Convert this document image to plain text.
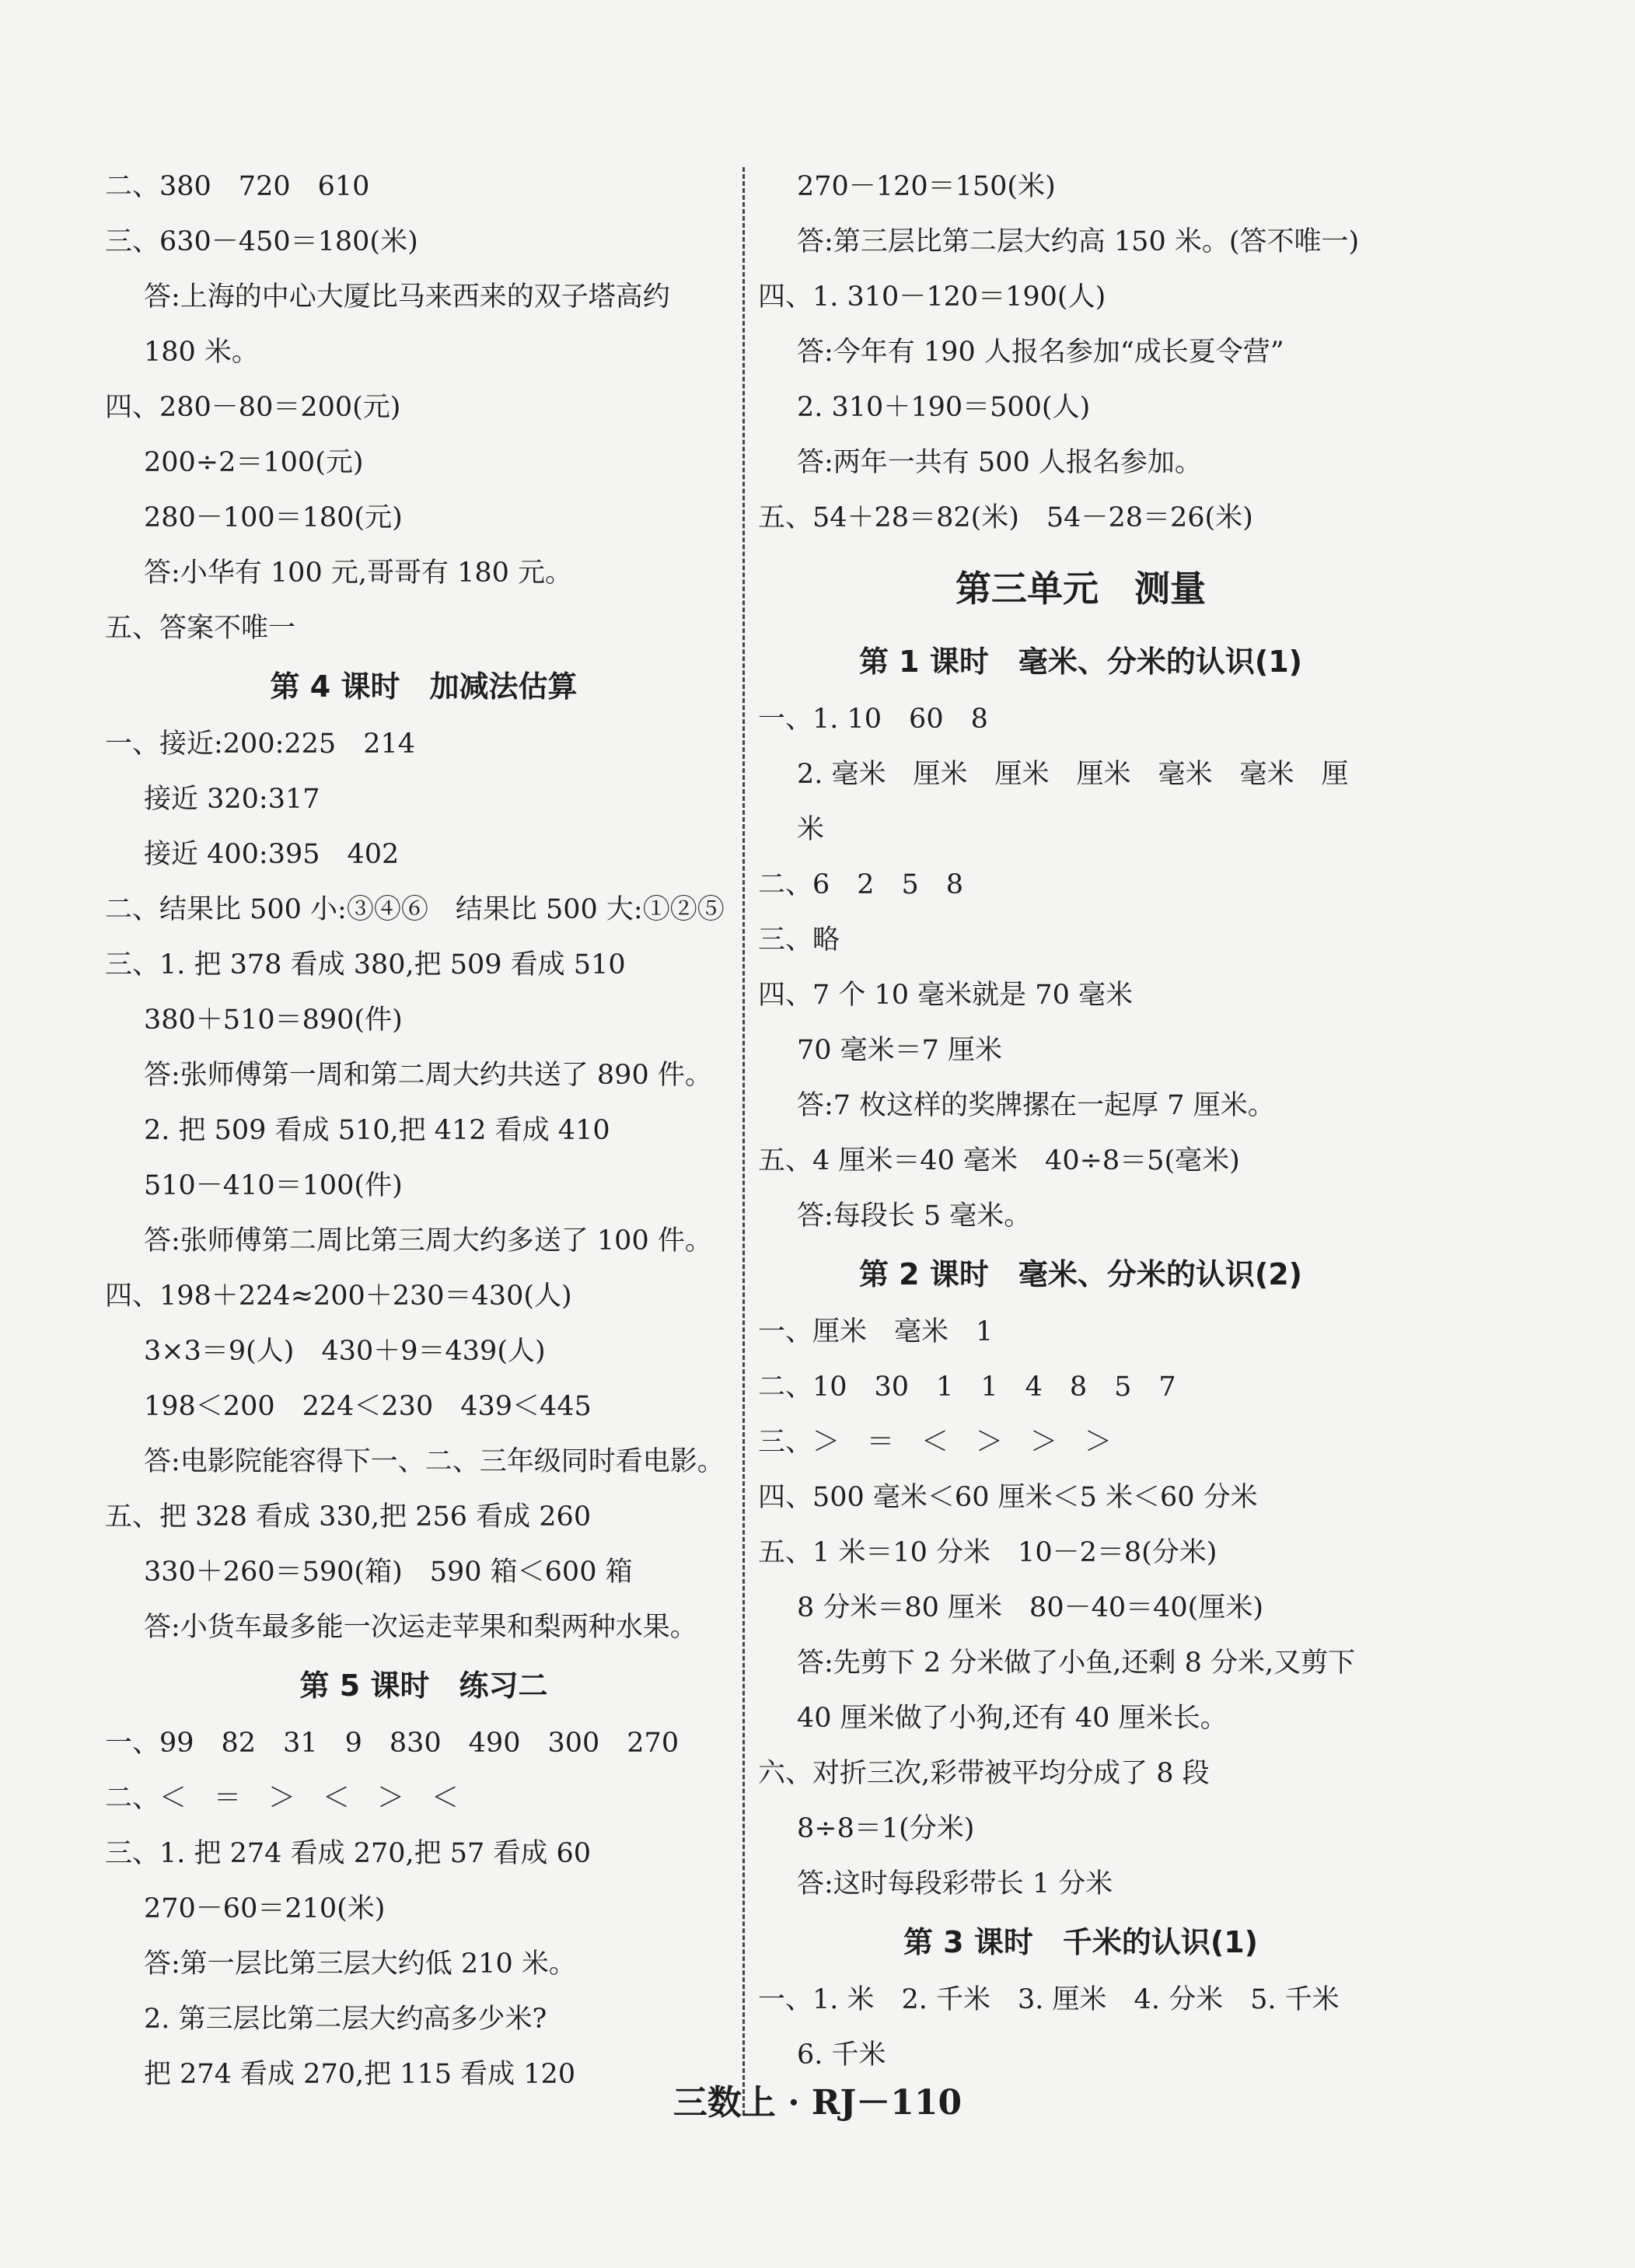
二、380　720　610
三、630－450＝180(米)
答:上海的中心大厦比马来西来的双子塔高约
180 米。
四、280－80＝200(元)
200÷2＝100(元)
280－100＝180(元)
答:小华有 100 元,哥哥有 180 元。
五、答案不唯一
第 4 课时　加减法估算
一、接近:200:225　214
接近 320:317
接近 400:395　402
二、结果比 500 小:③④⑥　结果比 500 大:①②⑤
三、1. 把 378 看成 380,把 509 看成 510
380＋510＝890(件)
答:张师傅第一周和第二周大约共送了 890 件。
2. 把 509 看成 510,把 412 看成 410
510－410＝100(件)
答:张师傅第二周比第三周大约多送了 100 件。
四、198＋224≈200＋230＝430(人)
3×3＝9(人)　430＋9＝439(人)
198＜200　224＜230　439＜445
答:电影院能容得下一、二、三年级同时看电影。
五、把 328 看成 330,把 256 看成 260
330＋260＝590(箱)　590 箱＜600 箱
答:小货车最多能一次运走苹果和梨两种水果。
第 5 课时　练习二
一、99　82　31　9　830　490　300　270
二、＜　＝　＞　＜　＞　＜
三、1. 把 274 看成 270,把 57 看成 60
270－60＝210(米)
答:第一层比第三层大约低 210 米。
2. 第三层比第二层大约高多少米?
把 274 看成 270,把 115 看成 120
270－120＝150(米)
答:第三层比第二层大约高 150 米。(答不唯一)
四、1. 310－120＝190(人)
答:今年有 190 人报名参加“成长夏令营”
2. 310＋190＝500(人)
答:两年一共有 500 人报名参加。
五、54＋28＝82(米)　54－28＝26(米)
第三单元　测量
第 1 课时　毫米、分米的认识(1)
一、1. 10　60　8
2. 毫米　厘米　厘米　厘米　毫米　毫米　厘
米
二、6　2　5　8
三、略
四、7 个 10 毫米就是 70 毫米
70 毫米＝7 厘米
答:7 枚这样的奖牌摞在一起厚 7 厘米。
五、4 厘米＝40 毫米　40÷8＝5(毫米)
答:每段长 5 毫米。
第 2 课时　毫米、分米的认识(2)
一、厘米　毫米　1
二、10　30　1　1　4　8　5　7
三、＞　＝　＜　＞　＞　＞
四、500 毫米＜60 厘米＜5 米＜60 分米
五、1 米＝10 分米　10－2＝8(分米)
8 分米＝80 厘米　80－40＝40(厘米)
答:先剪下 2 分米做了小鱼,还剩 8 分米,又剪下
40 厘米做了小狗,还有 40 厘米长。
六、对折三次,彩带被平均分成了 8 段
8÷8＝1(分米)
答:这时每段彩带长 1 分米
第 3 课时　千米的认识(1)
一、1. 米　2. 千米　3. 厘米　4. 分米　5. 千米
6. 千米
三数上 · RJ－110
